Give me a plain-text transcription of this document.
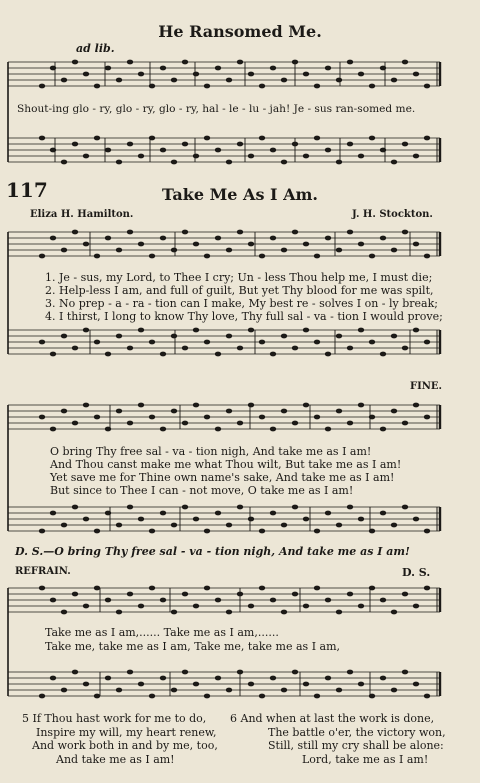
He Ransomed Me.
ad lib.
Shout-ing glo - ry, glo - ry, glo - ry, hal - le - lu - jah! Je - sus ran-somed me.
117	Take Me As I Am.
Eliza H. Hamilton.	J. H. Stockton.
1. Je - sus, my Lord, to Thee I cry; Un - less Thou help me, I must die;
2. Help-less I am, and full of guilt, But yet Thy blood for me was spilt,
3. No prep - a - ra - tion can I make, My best re - solves I on - ly break;
4. I thirst, I long to know Thy love, Thy full sal - va - tion I would prove;
FINE.
O bring Thy free sal - va - tion nigh, And take me as I am!
And Thou canst make me what Thou wilt, But take me as I am!
Yet save me for Thine own name's sake, And take me as I am!
But since to Thee I can - not move, O take me as I am!
D. S.—O bring Thy free sal - va - tion nigh, And take me as I am!
REFRAIN.	D. S.
Take me as I am,...... Take me as I am,......
Take me, take me as I am, Take me, take me as I am,
5 If Thou hast work for me to do,
Inspire my will, my heart renew,
And work both in and by me, too,
And take me as I am!
6 And when at last the work is done,
The battle o'er, the victory won,
Still, still my cry shall be alone:
Lord, take me as I am!
